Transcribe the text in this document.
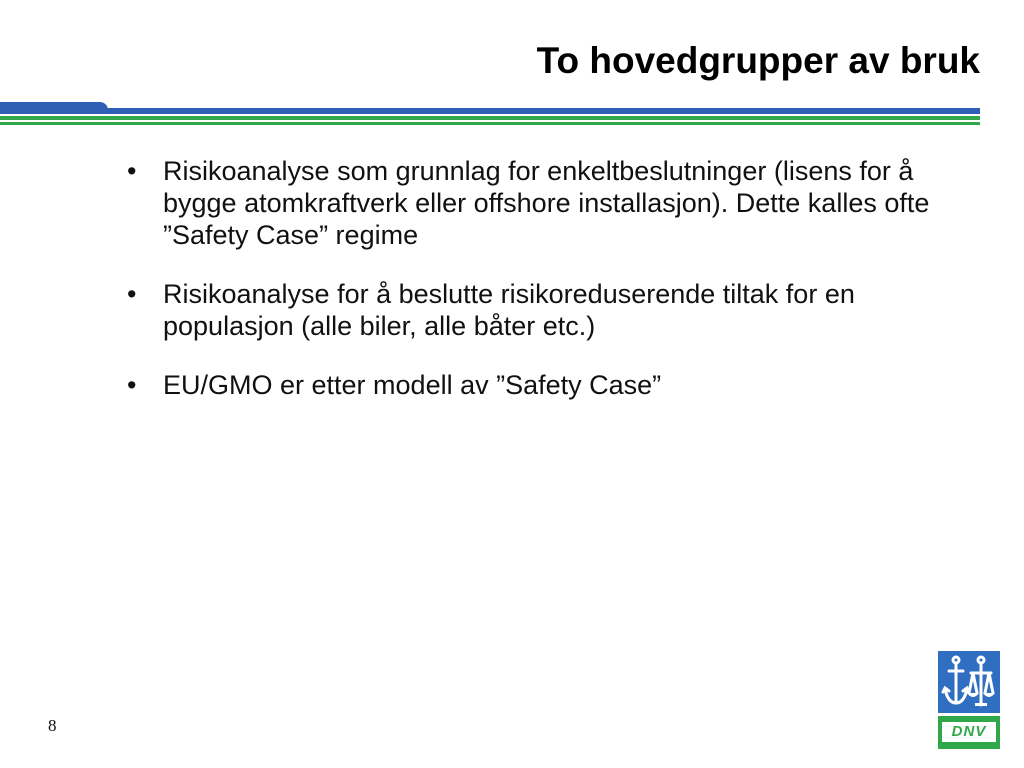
To hovedgrupper av bruk
• Risikoanalyse som grunnlag for enkeltbeslutninger (lisens for å bygge atomkraftverk eller offshore installasjon). Dette kalles ofte ”Safety Case” regime
• Risikoanalyse for å beslutte risikoreduserende tiltak for en populasjon (alle biler, alle båter etc.)
• EU/GMO er etter modell av ”Safety Case”
8	DNV
